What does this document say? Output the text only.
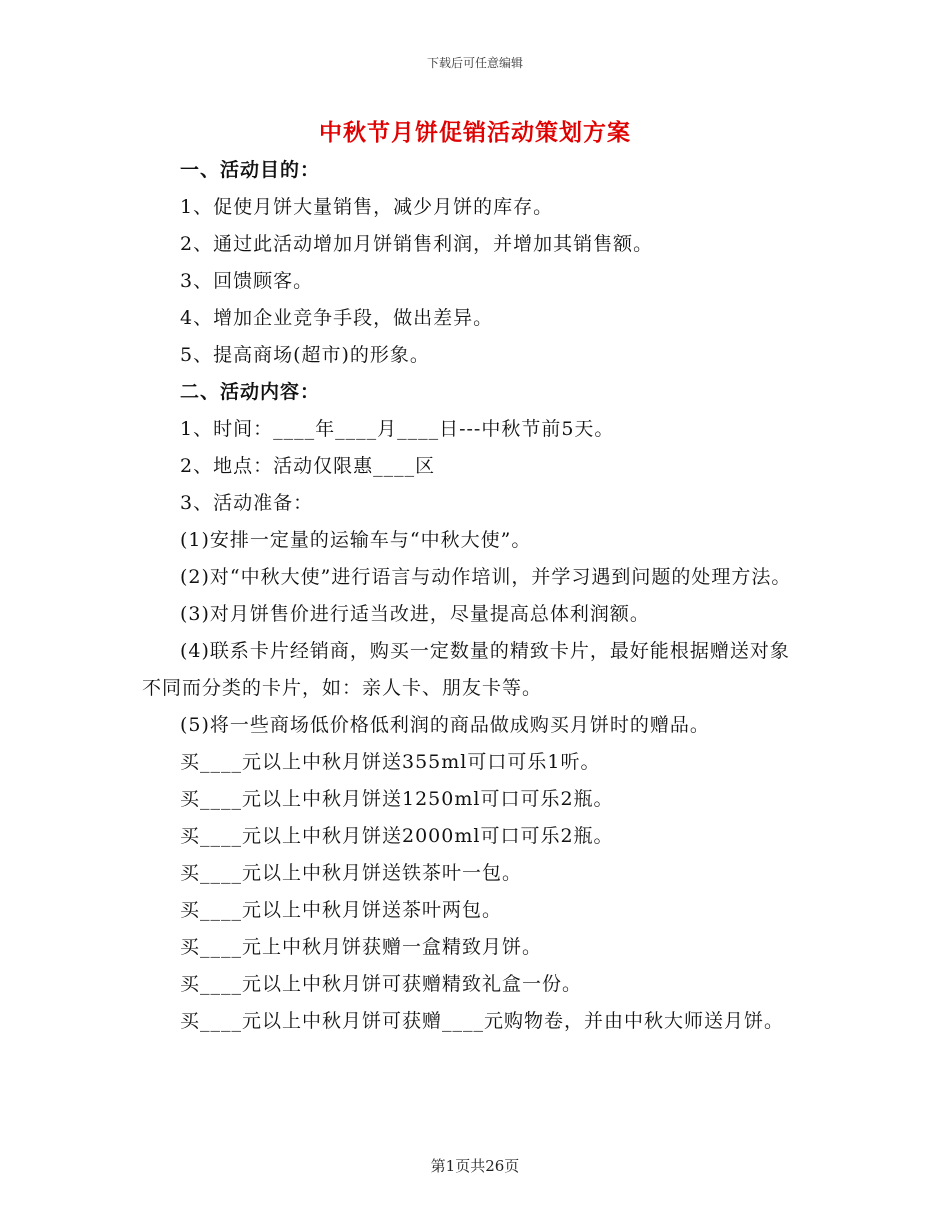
下载后可任意编辑
中秋节月饼促销活动策划方案

一、活动目的：

1、促使月饼大量销售，减少月饼的库存。

2、通过此活动增加月饼销售利润，并增加其销售额。

3、回馈顾客。

4、增加企业竞争手段，做出差异。

5、提高商场(超市)的形象。

二、活动内容：

1、时间：____年____月____日---中秋节前5天。

2、地点：活动仅限惠____区

3、活动准备：

(1)安排一定量的运输车与“中秋大使”。

(2)对“中秋大使”进行语言与动作培训，并学习遇到问题的处理方法。

(3)对月饼售价进行适当改进，尽量提高总体利润额。

(4)联系卡片经销商，购买一定数量的精致卡片，最好能根据赠送对象不同而分类的卡片，如：亲人卡、朋友卡等。

(5)将一些商场低价格低利润的商品做成购买月饼时的赠品。

买____元以上中秋月饼送355ml可口可乐1听。

买____元以上中秋月饼送1250ml可口可乐2瓶。

买____元以上中秋月饼送2000ml可口可乐2瓶。

买____元以上中秋月饼送铁茶叶一包。

买____元以上中秋月饼送茶叶两包。

买____元上中秋月饼获赠一盒精致月饼。

买____元以上中秋月饼可获赠精致礼盒一份。

买____元以上中秋月饼可获赠____元购物卷，并由中秋大师送月饼。

第1页共26页
